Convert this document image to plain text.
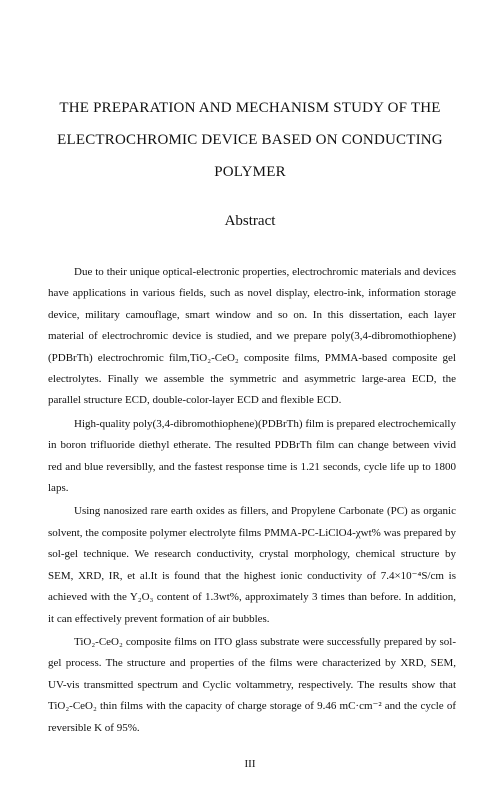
THE PREPARATION AND MECHANISM STUDY OF THE
ELECTROCHROMIC DEVICE BASED ON CONDUCTING
POLYMER
Abstract

Due to their unique optical-electronic properties, electrochromic materials and devices have applications in various fields, such as novel display, electro-ink, information storage device, military camouflage, smart window and so on. In this dissertation, each layer material of electrochromic device is studied, and we prepare poly(3,4-dibromothiophene) (PDBrTh) electrochromic film,TiO₂-CeO₂ composite films, PMMA-based composite gel electrolytes. Finally we assemble the symmetric and asymmetric large-area ECD, the parallel structure ECD, double-color-layer ECD and flexible ECD.

High-quality poly(3,4-dibromothiophene)(PDBrTh) film is prepared electrochemically in boron trifluoride diethyl etherate. The resulted PDBrTh film can change between vivid red and blue reversiblly, and the fastest response time is 1.21 seconds, cycle life up to 1800 laps.

Using nanosized rare earth oxides as fillers, and Propylene Carbonate (PC) as organic solvent, the composite polymer electrolyte films PMMA-PC-LiClO4-χwt% was prepared by sol-gel technique. We research conductivity, crystal morphology, chemical structure by SEM, XRD, IR, et al.It is found that the highest ionic conductivity of 7.4×10⁻⁴S/cm is achieved with the Y₂O₃ content of 1.3wt%, approximately 3 times than before. In addition, it can effectively prevent formation of air bubbles.

TiO₂-CeO₂ composite films on ITO glass substrate were successfully prepared by sol-gel process. The structure and properties of the films were characterized by XRD, SEM, UV-vis transmitted spectrum and Cyclic voltammetry, respectively. The results show that TiO₂-CeO₂ thin films with the capacity of charge storage of 9.46 mC·cm⁻² and the cycle of reversible K of 95%.

III
